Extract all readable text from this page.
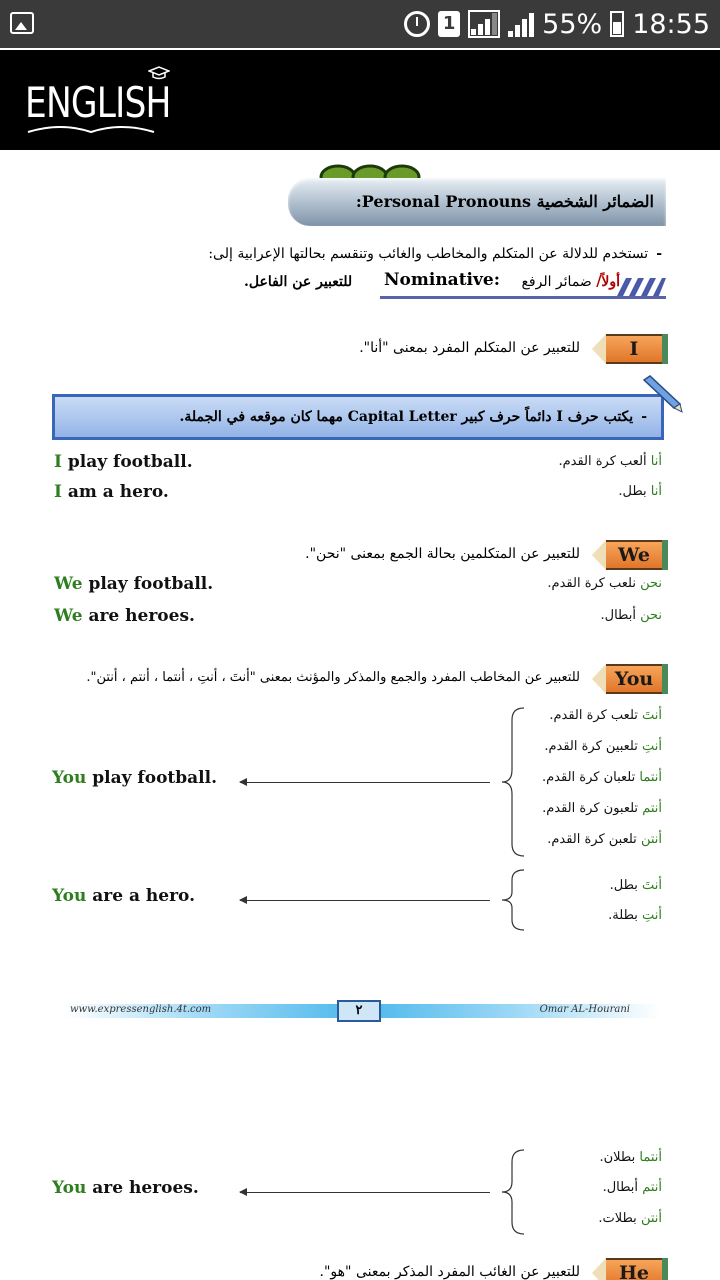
1	55% 18:55
ENGLISH
الضمائر الشخصية Personal Pronouns:
- تستخدم للدلالة عن المتكلم والمخاطب والغائب وتنقسم بحالتها الإعرابية إلى:
أولاً/ ضمائر الرفع
Nominative:
للتعبير عن الفاعل.
I
للتعبير عن المتكلم المفرد بمعنى "أنا".
- يكتب حرف I دائماً حرف كبير Capital Letter مهما كان موقعه في الجملة.
I play football.	أنا ألعب كرة القدم.
I am a hero.	أنا بطل.
We
للتعبير عن المتكلمين بحالة الجمع بمعنى "نحن".
We play football.	نحن نلعب كرة القدم.
We are heroes.	نحن أبطال.
You
للتعبير عن المخاطب المفرد والجمع والمذكر والمؤنث بمعنى "أنتَ ، أنتِ ، أنتما ، أنتم ، أنتن".
أنتَ تلعب كرة القدم.
أنتِ تلعبين كرة القدم.
أنتما تلعبان كرة القدم.
أنتم تلعبون كرة القدم.
أنتن تلعبن كرة القدم.
You play football.
أنتَ بطل.
أنتِ بطلة.
You are a hero.
www.expressenglish.4t.com	Omar AL-Hourani
٢
أنتما بطلان.
أنتم أبطال.
أنتن بطلات.
You are heroes.
He
للتعبير عن الغائب المفرد المذكر بمعنى "هو".
